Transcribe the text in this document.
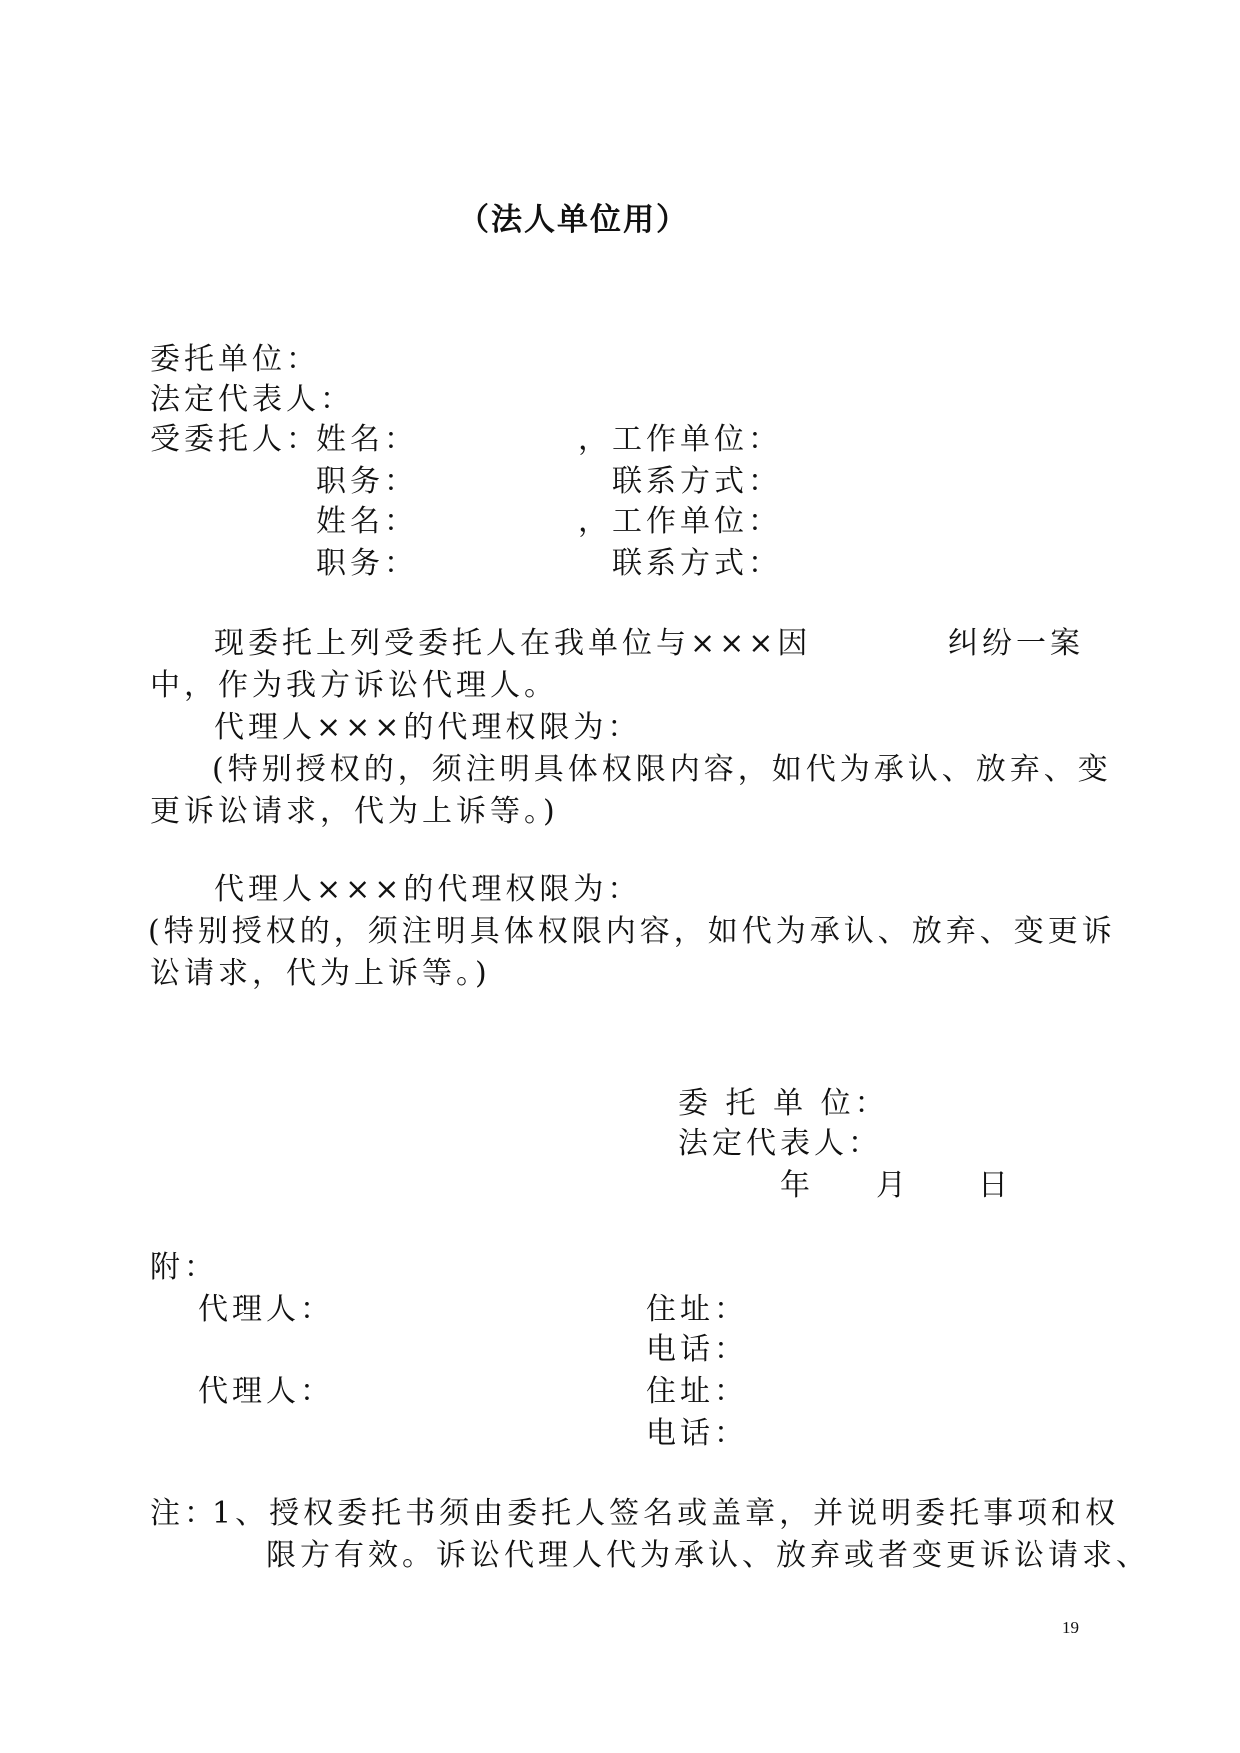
（法人单位用）
委托单位：
法定代表人：
受委托人：
姓名：	， 工作单位：
职务：	联系方式：
姓名：	， 工作单位：
职务：	联系方式：
现委托上列受委托人在我单位与×××因	纠纷一案
中，作为我方诉讼代理人。
代理人×××的代理权限为：
(特别授权的，须注明具体权限内容，如代为承认、放弃、变
更诉讼请求，代为上诉等。)
代理人×××的代理权限为：
(特别授权的，须注明具体权限内容，如代为承认、放弃、变更诉
讼请求，代为上诉等。)
委 托 单 位：
法定代表人：
年 月 日
附：
代理人：	住址：
电话：
代理人：	住址：
电话：
注：
1、授权委托书须由委托人签名或盖章，并说明委托事项和权
限方有效。诉讼代理人代为承认、放弃或者变更诉讼请求、
19
